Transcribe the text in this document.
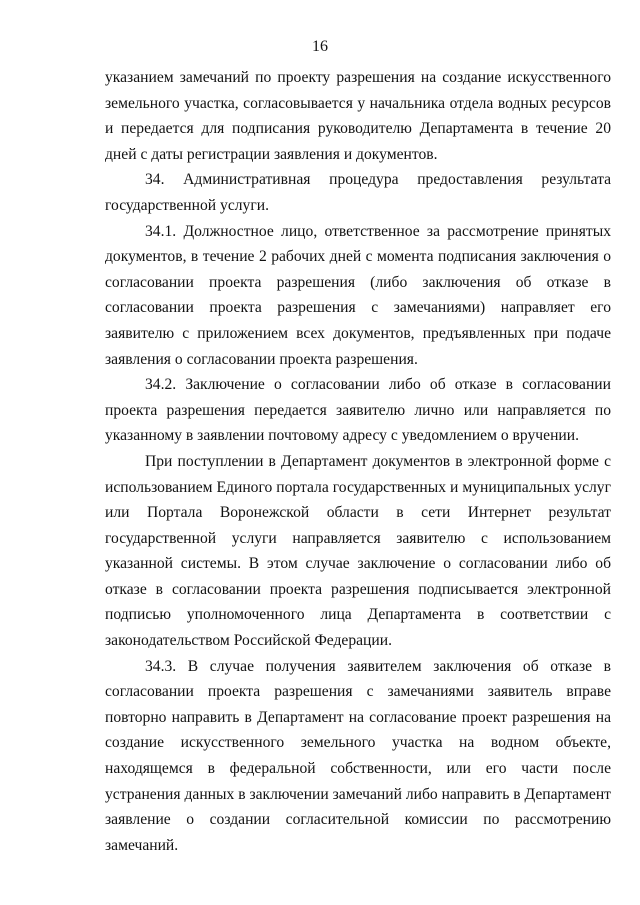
16

указанием замечаний по проекту разрешения на создание искусственного земельного участка, согласовывается у начальника отдела водных ресурсов и передается для подписания руководителю Департамента в течение 20 дней с даты регистрации заявления и документов.

34. Административная процедура предоставления результата государственной услуги.

34.1. Должностное лицо, ответственное за рассмотрение принятых документов, в течение 2 рабочих дней с момента подписания заключения о согласовании проекта разрешения (либо заключения об отказе в согласовании проекта разрешения с замечаниями) направляет его заявителю с приложением всех документов, предъявленных при подаче заявления о согласовании проекта разрешения.

34.2. Заключение о согласовании либо об отказе в согласовании проекта разрешения передается заявителю лично или направляется по указанному в заявлении почтовому адресу с уведомлением о вручении.

При поступлении в Департамент документов в электронной форме с использованием Единого портала государственных и муниципальных услуг или Портала Воронежской области в сети Интернет результат государственной услуги направляется заявителю с использованием указанной системы. В этом случае заключение о согласовании либо об отказе в согласовании проекта разрешения подписывается электронной подписью уполномоченного лица Департамента в соответствии с законодательством Российской Федерации.

34.3. В случае получения заявителем заключения об отказе в согласовании проекта разрешения с замечаниями заявитель вправе повторно направить в Департамент на согласование проект разрешения на создание искусственного земельного участка на водном объекте, находящемся в федеральной собственности, или его части после устранения данных в заключении замечаний либо направить в Департамент заявление о создании согласительной комиссии по рассмотрению замечаний.
